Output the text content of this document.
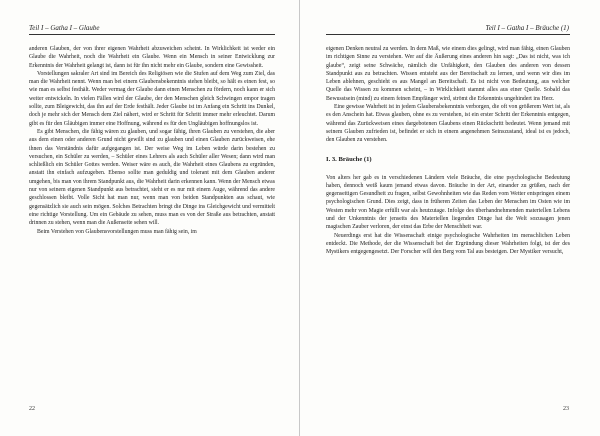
Teil I – Gatha I – Glaube

anderen Glauben, der von ihrer eigenen Wahrheit abzuweichen scheint. In Wirklichkeit ist weder ein Glaube die Wahrheit, noch die Wahrheit ein Glaube. Wenn ein Mensch in seiner Entwicklung zur Erkenntnis der Wahrheit gelangt ist, dann ist für ihn nicht mehr ein Glaube, sondern eine Gewissheit.

Vorstellungen sakraler Art sind im Bereich des Religiösen wie die Stufen auf dem Weg zum Ziel, das man die Wahrheit nennt. Wenn man bei einem Glaubensbekenntnis stehen bleibt, so hält es einen fest, so wie man es selbst festhält. Weder vermag der Glaube dann einen Menschen zu fördern, noch kann er sich weiter entwickeln. In vielen Fällen wird der Glaube, der den Menschen gleich Schwingen empor tragen sollte, zum Bleigewicht, das ihn auf der Erde festhält. Jeder Glaube ist im Anfang ein Schritt ins Dunkel, doch je mehr sich der Mensch dem Ziel nähert, wird er Schritt für Schritt immer mehr erleuchtet. Darum gibt es für den Gläubigen immer eine Hoffnung, während es für den Ungläubigen hoffnungslos ist.

Es gibt Menschen, die fähig wären zu glauben, und sogar fähig, ihren Glauben zu verstehen, die aber aus dem einen oder anderen Grund nicht gewillt sind zu glauben und einen Glauben zurückweisen, ehe ihnen das Verständnis dafür aufgegangen ist. Der weise Weg im Leben würde darin bestehen zu versuchen, ein Schüler zu werden, – Schüler eines Lehrers als auch Schüler aller Wesen; dann wird man schließlich ein Schüler Gottes werden. Weiser wäre es auch, die Wahrheit eines Glaubens zu ergründen, anstatt ihn einfach aufzugeben. Ebenso sollte man geduldig und tolerant mit dem Glauben anderer umgehen, bis man von ihrem Standpunkt aus, die Wahrheit darin erkennen kann. Wenn der Mensch etwas nur von seinem eigenen Standpunkt aus betrachtet, sieht er es nur mit einem Auge, während das andere geschlossen bleibt. Volle Sicht hat man nur, wenn man von beiden Standpunkten aus schaut, wie gegensätzlich sie auch sein mögen. Solches Betrachten bringt die Dinge ins Gleichgewicht und vermittelt eine richtige Vorstellung. Um ein Gebäude zu sehen, muss man es von der Straße aus betrachten, anstatt drinnen zu stehen, wenn man die Außenseite sehen will.

Beim Verstehen von Glaubensvorstellungen muss man fähig sein, im

22
Teil I – Gatha I – Bräuche (1)

eigenen Denken neutral zu werden. In dem Maß, wie einem dies gelingt, wird man fähig, einen Glauben im richtigen Sinne zu verstehen. Wer auf die Äußerung eines anderen hin sagt: „Das ist nicht, was ich glaube“, zeigt seine Schwäche, nämlich die Unfähigkeit, den Glauben des anderen von dessen Standpunkt aus zu betrachten. Wissen entsteht aus der Bereitschaft zu lernen, und wenn wir dies im Leben ablehnen, geschieht es aus Mangel an Bereitschaft. Es ist nicht von Bedeutung, aus welcher Quelle das Wissen zu kommen scheint, – in Wirklichkeit stammt alles aus einer Quelle. Sobald das Bewusstsein (mind) zu einem feinen Empfänger wird, strömt die Erkenntnis ungehindert ins Herz.

Eine gewisse Wahrheit ist in jedem Glaubensbekenntnis verborgen, die oft von größerem Wert ist, als es den Anschein hat. Etwas glauben, ohne es zu verstehen, ist ein erster Schritt der Erkenntnis entgegen, während das Zurückweisen eines dargebotenen Glaubens einen Rückschritt bedeutet. Wenn jemand mit seinem Glauben zufrieden ist, befindet er sich in einem angenehmen Seinszustand, ideal ist es jedoch, den Glauben zu verstehen.

I. 3. Bräuche (1)

Von alters her gab es in verschiedenen Ländern viele Bräuche, die eine psychologische Bedeutung haben, dennoch weiß kaum jemand etwas davon. Bräuche in der Art, einander zu grüßen, nach der gegenseitigen Gesundheit zu fragen, selbst Gewohnheiten wie das Reden vom Wetter entspringen einem psychologischen Grund. Dies zeigt, dass in früheren Zeiten das Leben der Menschen im Osten wie im Westen mehr von Magie erfüllt war als heutzutage. Infolge des überhandnehmenden materiellen Lebens und der Unkenntnis der jenseits des Materiellen liegenden Dinge hat die Welt sozusagen jenen magischen Zauber verloren, der einst das Erbe der Menschheit war.

Neuerdings erst hat die Wissenschaft einige psychologische Wahrheiten im menschlichen Leben entdeckt. Die Methode, der die Wissenschaft bei der Ergründung dieser Wahrheiten folgt, ist der des Mystikers entgegengesetzt. Der Forscher will den Berg vom Tal aus besteigen. Der Mystiker versucht,

23
